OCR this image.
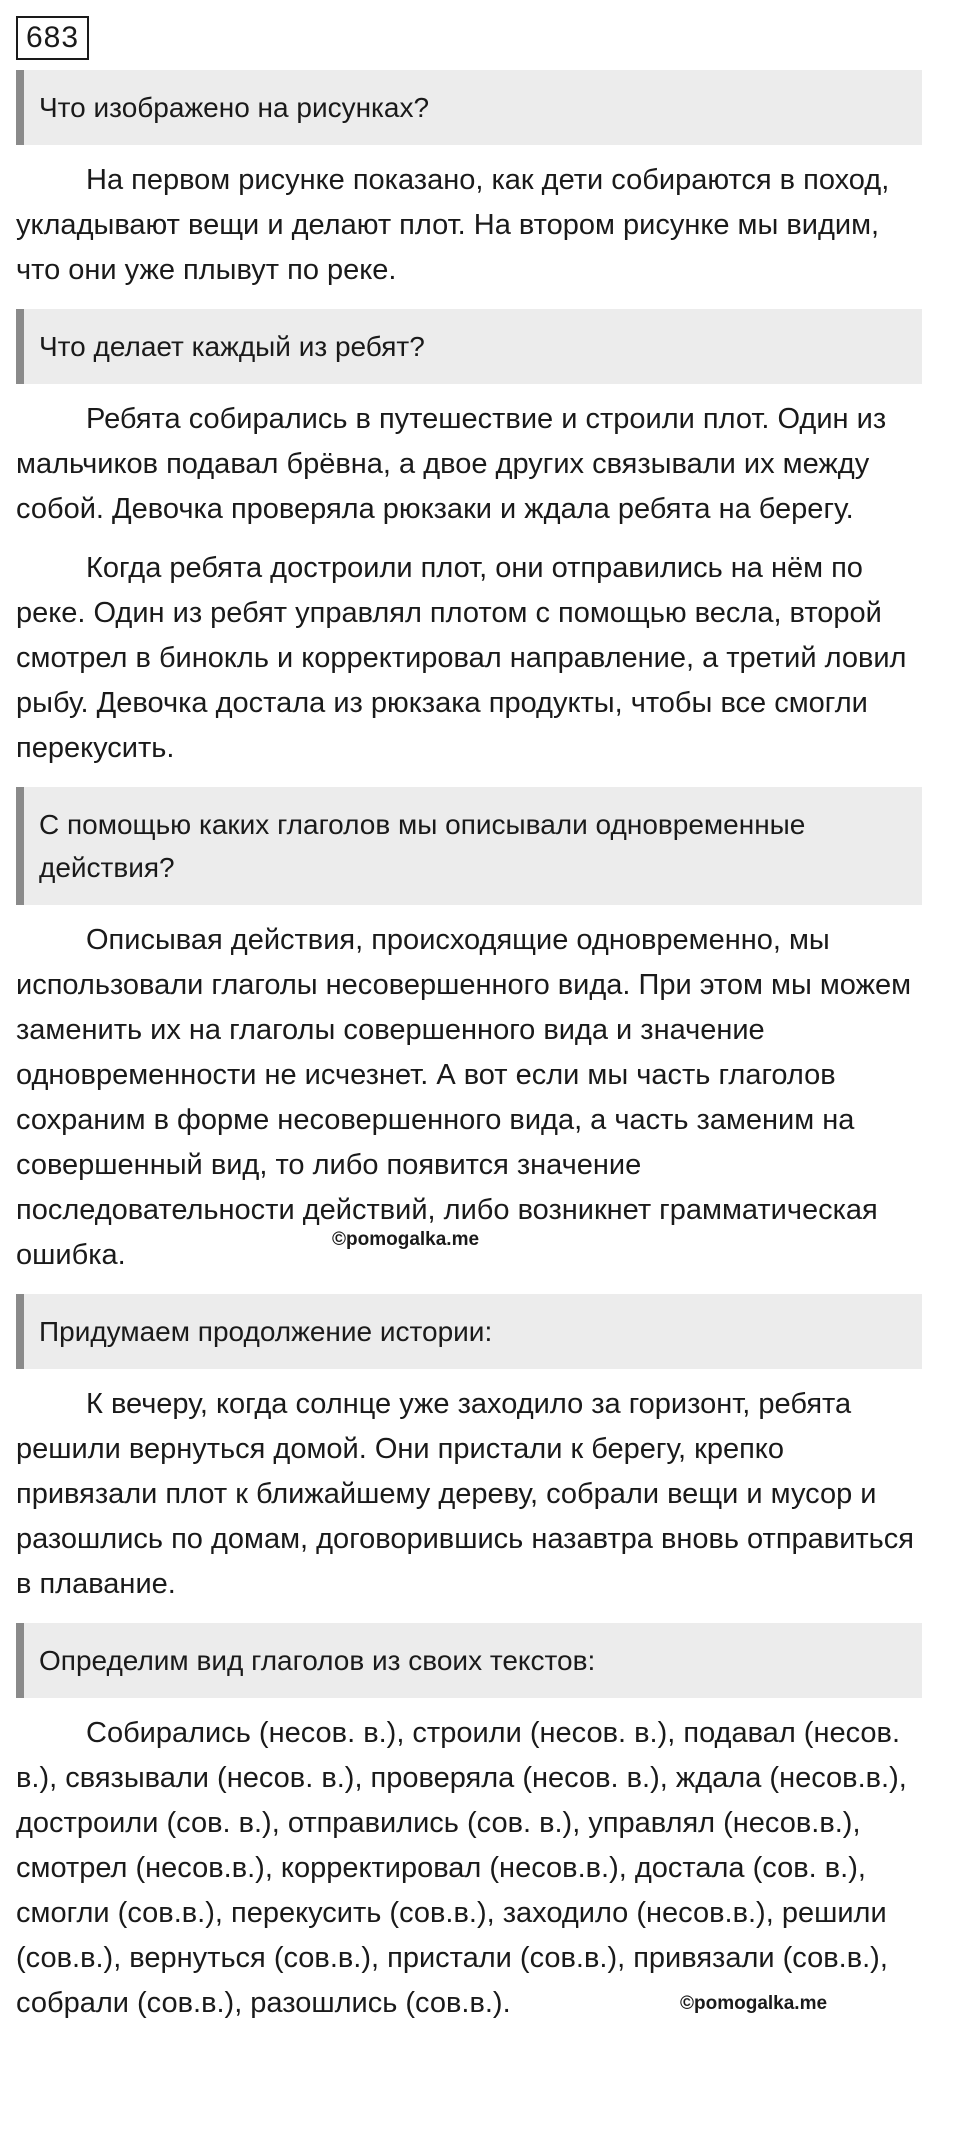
683
Что изображено на рисунках?

На первом рисунке показано, как дети собираются в поход, укладывают вещи и делают плот. На втором рисунке мы видим, что они уже плывут по реке.

Что делает каждый из ребят?

Ребята собирались в путешествие и строили плот. Один из мальчиков подавал брёвна, а двое других связывали их между собой. Девочка проверяла рюкзаки и ждала ребята на берегу.

Когда ребята достроили плот, они отправились на нём по реке. Один из ребят управлял плотом с помощью весла, второй смотрел в бинокль и корректировал направление, а третий ловил рыбу. Девочка достала из рюкзака продукты, чтобы все смогли перекусить.

С помощью каких глаголов мы описывали одновременные действия?

Описывая действия, происходящие одновременно, мы использовали глаголы несовершенного вида. При этом мы можем заменить их на глаголы совершенного вида и значение одновременности не исчезнет. А вот если мы часть глаголов сохраним в форме несовершенного вида, а часть заменим на совершенный вид, то либо появится значение последовательности действий, либо возникнет грамматическая ошибка.

Придумаем продолжение истории:

К вечеру, когда солнце уже заходило за горизонт, ребята решили вернуться домой. Они пристали к берегу, крепко привязали плот к ближайшему дереву, собрали вещи и мусор и разошлись по домам, договорившись назавтра вновь отправиться в плавание.

Определим вид глаголов из своих текстов:

Собирались (несов. в.), строили (несов. в.), подавал (несов. в.), связывали (несов. в.), проверяла (несов. в.), ждала (несов.в.), достроили (сов. в.), отправились (сов. в.), управлял (несов.в.), смотрел (несов.в.), корректировал (несов.в.), достала (сов. в.), смогли (сов.в.), перекусить (сов.в.), заходило (несов.в.), решили (сов.в.), вернуться (сов.в.), пристали (сов.в.), привязали (сов.в.), собрали (сов.в.), разошлись (сов.в.).

©pomogalka.me
©pomogalka.me
